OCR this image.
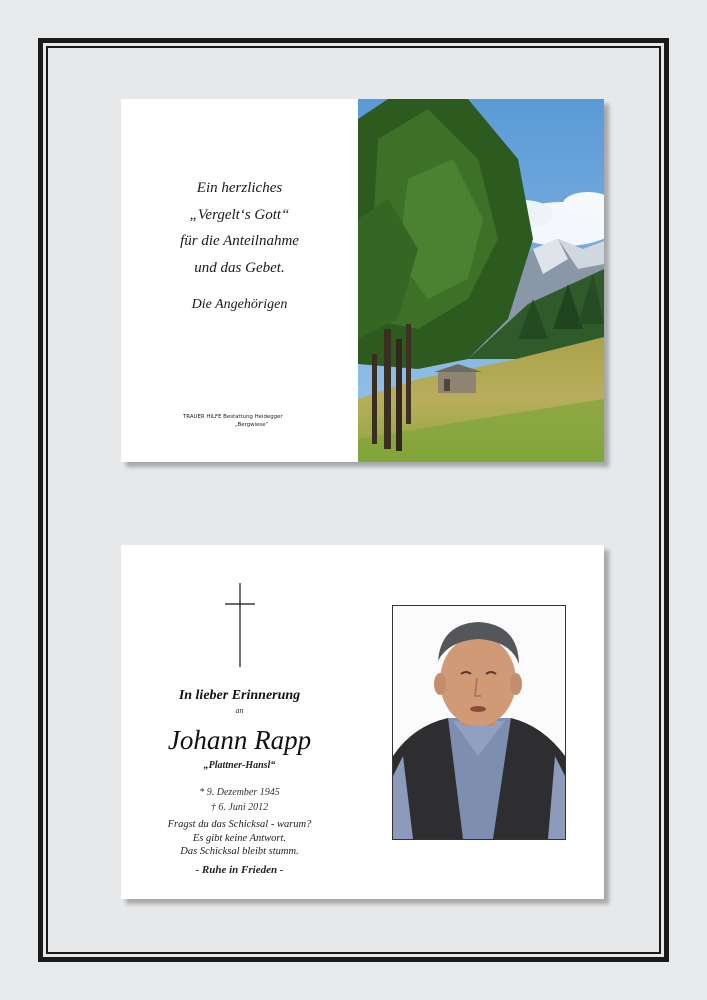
Ein herzliches
„Vergelt‘s Gott“
für die Anteilnahme
und das Gebet.
Die Angehörigen
TRAUER HILFE Bestattung Heidegger
„Bergwiese“
In lieber Erinnerung
an
Johann Rapp
„Plattner-Hansl“
* 9. Dezember 1945
† 6. Juni 2012
Fragst du das Schicksal - warum?
Es gibt keine Antwort.
Das Schicksal bleibt stumm.
- Ruhe in Frieden -
